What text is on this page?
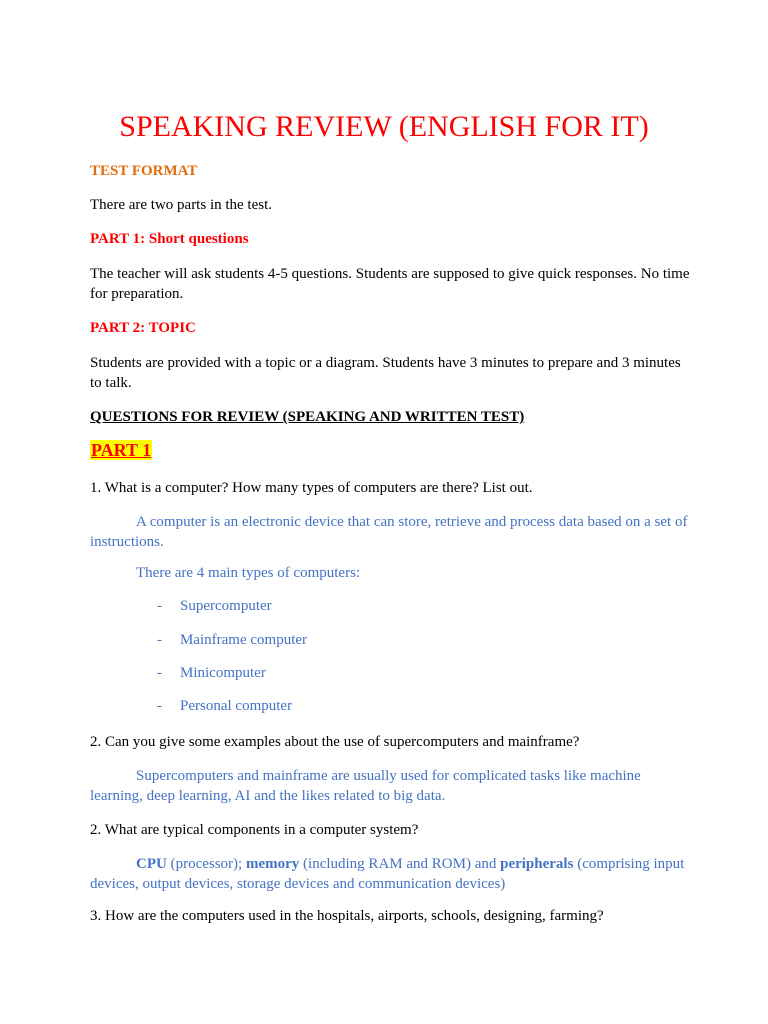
SPEAKING REVIEW (ENGLISH FOR IT)
TEST FORMAT
There are two parts in the test.
PART 1: Short questions
The teacher will ask students 4-5 questions. Students are supposed to give quick responses. No time for preparation.
PART 2: TOPIC
Students are provided with a topic or a diagram. Students have 3 minutes to prepare and 3 minutes to talk.
QUESTIONS FOR REVIEW (SPEAKING AND WRITTEN TEST)
PART 1
1. What is a computer? How many types of computers are there? List out.
A computer is an electronic device that can store, retrieve and process data based on a set of instructions.
There are 4 main types of computers:
- Supercomputer
- Mainframe computer
- Minicomputer
- Personal computer
2. Can you give some examples about the use of supercomputers and mainframe?
Supercomputers and mainframe are usually used for complicated tasks like machine learning, deep learning, AI and the likes related to big data.
2. What are typical components in a computer system?
CPU (processor); memory (including RAM and ROM) and peripherals (comprising input devices, output devices, storage devices and communication devices)
3. How are the computers used in the hospitals, airports, schools, designing, farming?
